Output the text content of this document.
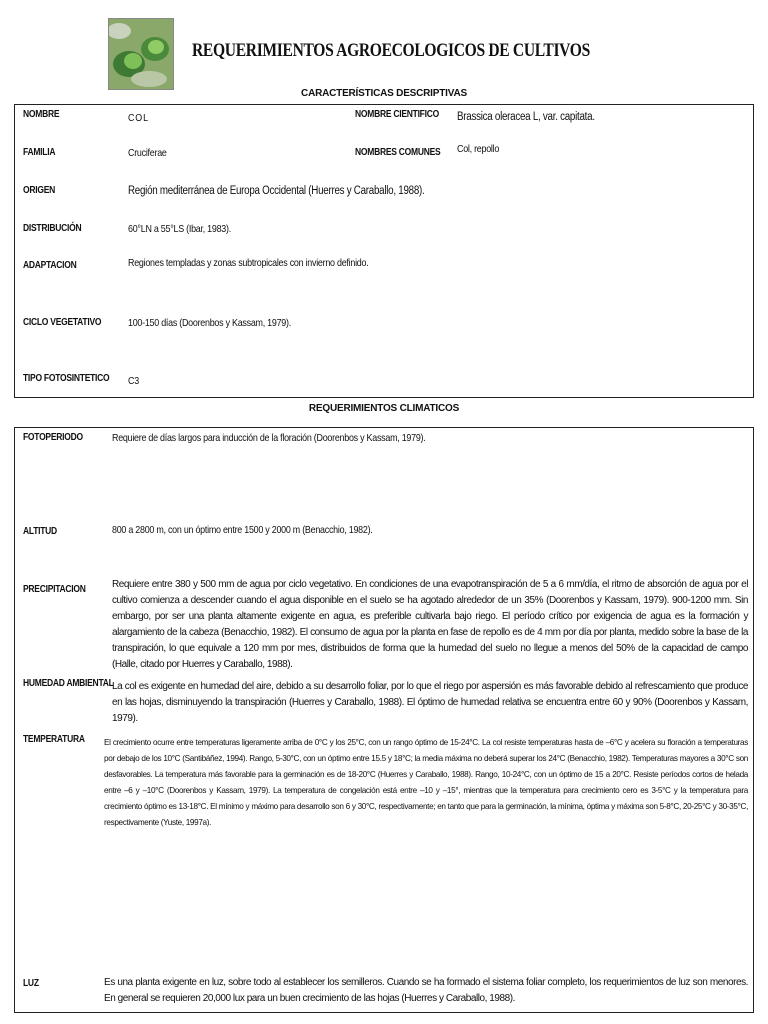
REQUERIMIENTOS AGROECOLOGICOS DE CULTIVOS
CARACTERÍSTICAS DESCRIPTIVAS
NOMBRE	COL	NOMBRE CIENTIFICO Brassica oleracea L, var. capitata.
FAMILIA	Cruciferae	NOMBRES COMUNES Col, repollo
ORIGEN	Región mediterránea de Europa Occidental (Huerres y Caraballo, 1988).
DISTRIBUCIÓN	60°LN a 55°LS (Ibar, 1983).
ADAPTACION	Regiones templadas y zonas subtropicales con invierno definido.
CICLO VEGETATIVO	100-150 días (Doorenbos y Kassam, 1979).
TIPO FOTOSINTETICO C3
REQUERIMIENTOS CLIMATICOS
FOTOPERIODO	Requiere de días largos para inducción de la floración (Doorenbos y Kassam, 1979).
ALTITUD	800 a 2800 m, con un óptimo entre 1500 y 2000 m (Benacchio, 1982).
PRECIPITACION	Requiere entre 380 y 500 mm de agua por ciclo vegetativo. En condiciones de una evapotranspiración de 5 a 6 mm/día, el ritmo de absorción de agua por el cultivo comienza a descender cuando el agua disponible en el suelo se ha agotado alrededor de un 35% (Doorenbos y Kassam, 1979). 900-1200 mm. Sin embargo, por ser una planta altamente exigente en agua, es preferible cultivarla bajo riego. El período crítico por exigencia de agua es la formación y alargamiento de la cabeza (Benacchio, 1982). El consumo de agua por la planta en fase de repollo es de 4 mm por día por planta, medido sobre la base de la transpiración, lo que equivale a 120 mm por mes, distribuidos de forma que la humedad del suelo no llegue a menos del 50% de la capacidad de campo (Halle, citado por Huerres y Caraballo, 1988).
HUMEDAD AMBIENTAL
La col es exigente en humedad del aire, debido a su desarrollo foliar, por lo que el riego por aspersión es más favorable debido al refrescamiento que produce en las hojas, disminuyendo la transpiración (Huerres y Caraballo, 1988). El óptimo de humedad relativa se encuentra entre 60 y 90% (Doorenbos y Kassam, 1979).
TEMPERATURA El crecimiento ocurre entre temperaturas ligeramente arriba de 0°C y los 25°C, con un rango óptimo de 15-24°C. La col resiste temperaturas hasta de –6°C y acelera su floración a temperaturas por debajo de los 10°C (Santibáñez, 1994). Rango, 5-30°C, con un óptimo entre 15.5 y 18°C; la media máxima no deberá superar los 24°C (Benacchio, 1982). Temperaturas mayores a 30°C son desfavorables. La temperatura más favorable para la germinación es de 18-20°C (Huerres y Caraballo, 1988). Rango, 10-24°C, con un óptimo de 15 a 20°C. Resiste períodos cortos de helada entre –6 y –10°C (Doorenbos y Kassam, 1979). La temperatura de congelación está entre –10 y –15°, mientras que la temperatura para crecimiento cero es 3-5°C y la temperatura para crecimiento óptimo es 13-18°C. El mínimo y máximo para desarrollo son 6 y 30°C, respectivamente; en tanto que para la germinación, la mínima, óptima y máxima son 5-8°C, 20-25°C y 30-35°C, respectivamente (Yuste, 1997a).
LUZ	Es una planta exigente en luz, sobre todo al establecer los semilleros. Cuando se ha formado el sistema foliar completo, los requerimientos de luz son menores. En general se requieren 20,000 lux para un buen crecimiento de las hojas (Huerres y Caraballo, 1988).
